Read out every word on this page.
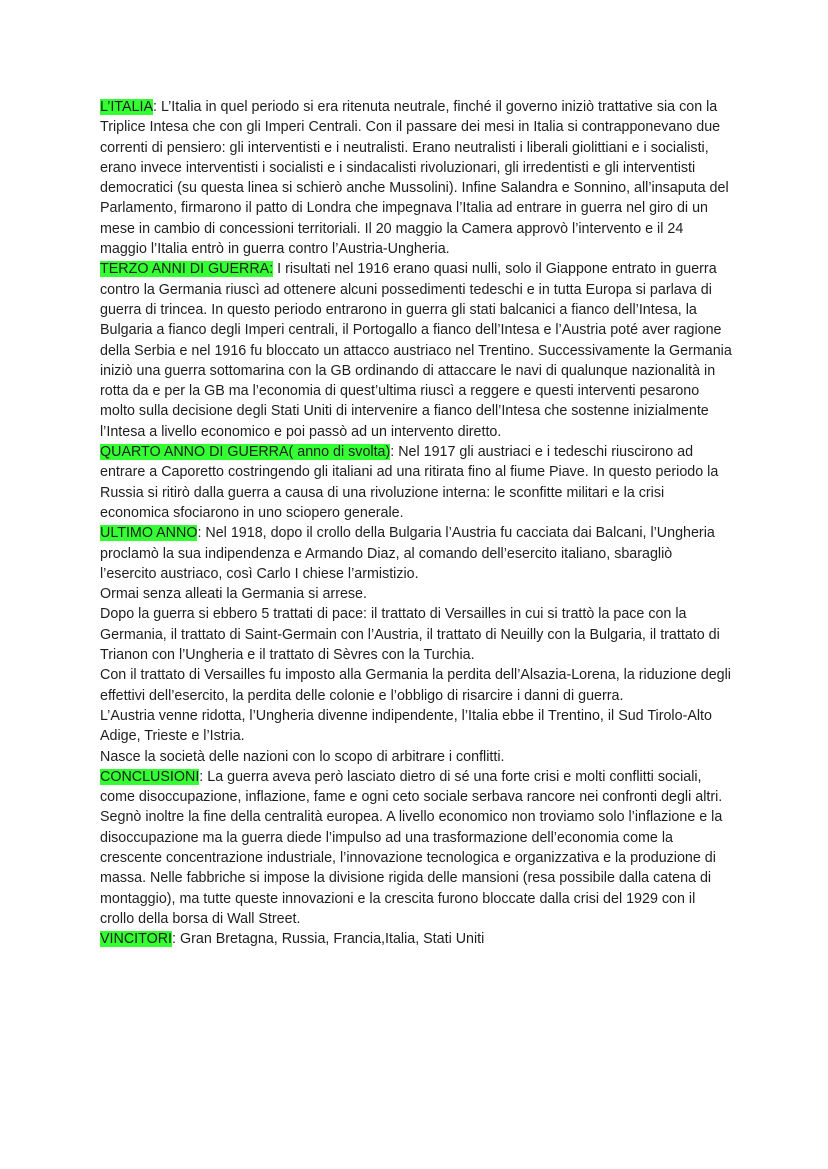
L’ITALIA: L’Italia in quel periodo si era ritenuta neutrale, finché il governo iniziò trattative sia con la Triplice Intesa che con gli Imperi Centrali. Con il passare dei mesi in Italia si contrapponevano due correnti di pensiero: gli interventisti e i neutralisti. Erano neutralisti i liberali giolittiani e i socialisti, erano invece interventisti i socialisti e i sindacalisti rivoluzionari, gli irredentisti e gli interventisti democratici (su questa linea si schierò anche Mussolini). Infine Salandra e Sonnino, all’insaputa del Parlamento, firmarono il patto di Londra che impegnava l’Italia ad entrare in guerra nel giro di un mese in cambio di concessioni territoriali. Il 20 maggio la Camera approvò l’intervento e il 24 maggio l’Italia entrò in guerra contro l’Austria-Ungheria.

TERZO ANNI DI GUERRA: I risultati nel 1916 erano quasi nulli, solo il Giappone entrato in guerra contro la Germania riuscì ad ottenere alcuni possedimenti tedeschi e in tutta Europa si parlava di guerra di trincea. In questo periodo entrarono in guerra gli stati balcanici a fianco dell’Intesa, la Bulgaria a fianco degli Imperi centrali, il Portogallo a fianco dell’Intesa e l’Austria poté aver ragione della Serbia e nel 1916 fu bloccato un attacco austriaco nel Trentino. Successivamente la Germania iniziò una guerra sottomarina con la GB ordinando di attaccare le navi di qualunque nazionalità in rotta da e per la GB ma l’economia di quest’ultima riuscì a reggere e questi interventi pesarono molto sulla decisione degli Stati Uniti di intervenire a fianco dell’Intesa che sostenne inizialmente l’Intesa a livello economico e poi passò ad un intervento diretto.

QUARTO ANNO DI GUERRA( anno di svolta): Nel 1917 gli austriaci e i tedeschi riuscirono ad entrare a Caporetto costringendo gli italiani ad una ritirata fino al fiume Piave. In questo periodo la Russia si ritirò dalla guerra a causa di una rivoluzione interna: le sconfitte militari e la crisi economica sfociarono in uno sciopero generale.

ULTIMO ANNO: Nel 1918, dopo il crollo della Bulgaria l’Austria fu cacciata dai Balcani, l’Ungheria proclamò la sua indipendenza e Armando Diaz, al comando dell’esercito italiano, sbaragliò l’esercito austriaco, così Carlo I chiese l’armistizio.

Ormai senza alleati la Germania si arrese.

Dopo la guerra si ebbero 5 trattati di pace: il trattato di Versailles in cui si trattò la pace con la Germania, il trattato di Saint-Germain con l’Austria, il trattato di Neuilly con la Bulgaria, il trattato di Trianon con l’Ungheria e il trattato di Sèvres con la Turchia.

Con il trattato di Versailles fu imposto alla Germania la perdita dell’Alsazia-Lorena, la riduzione degli effettivi dell’esercito, la perdita delle colonie e l’obbligo di risarcire i danni di guerra.

L’Austria venne ridotta, l’Ungheria divenne indipendente, l’Italia ebbe il Trentino, il Sud Tirolo-Alto Adige, Trieste e l’Istria.

Nasce la società delle nazioni con lo scopo di arbitrare i conflitti.

CONCLUSIONI: La guerra aveva però lasciato dietro di sé una forte crisi e molti conflitti sociali, come disoccupazione, inflazione, fame e ogni ceto sociale serbava rancore nei confronti degli altri. Segnò inoltre la fine della centralità europea. A livello economico non troviamo solo l’inflazione e la disoccupazione ma la guerra diede l’impulso ad una trasformazione dell’economia come la crescente concentrazione industriale, l’innovazione tecnologica e organizzativa e la produzione di massa. Nelle fabbriche si impose la divisione rigida delle mansioni (resa possibile dalla catena di montaggio), ma tutte queste innovazioni e la crescita furono bloccate dalla crisi del 1929 con il crollo della borsa di Wall Street.

VINCITORI: Gran Bretagna, Russia, Francia,Italia, Stati Uniti
